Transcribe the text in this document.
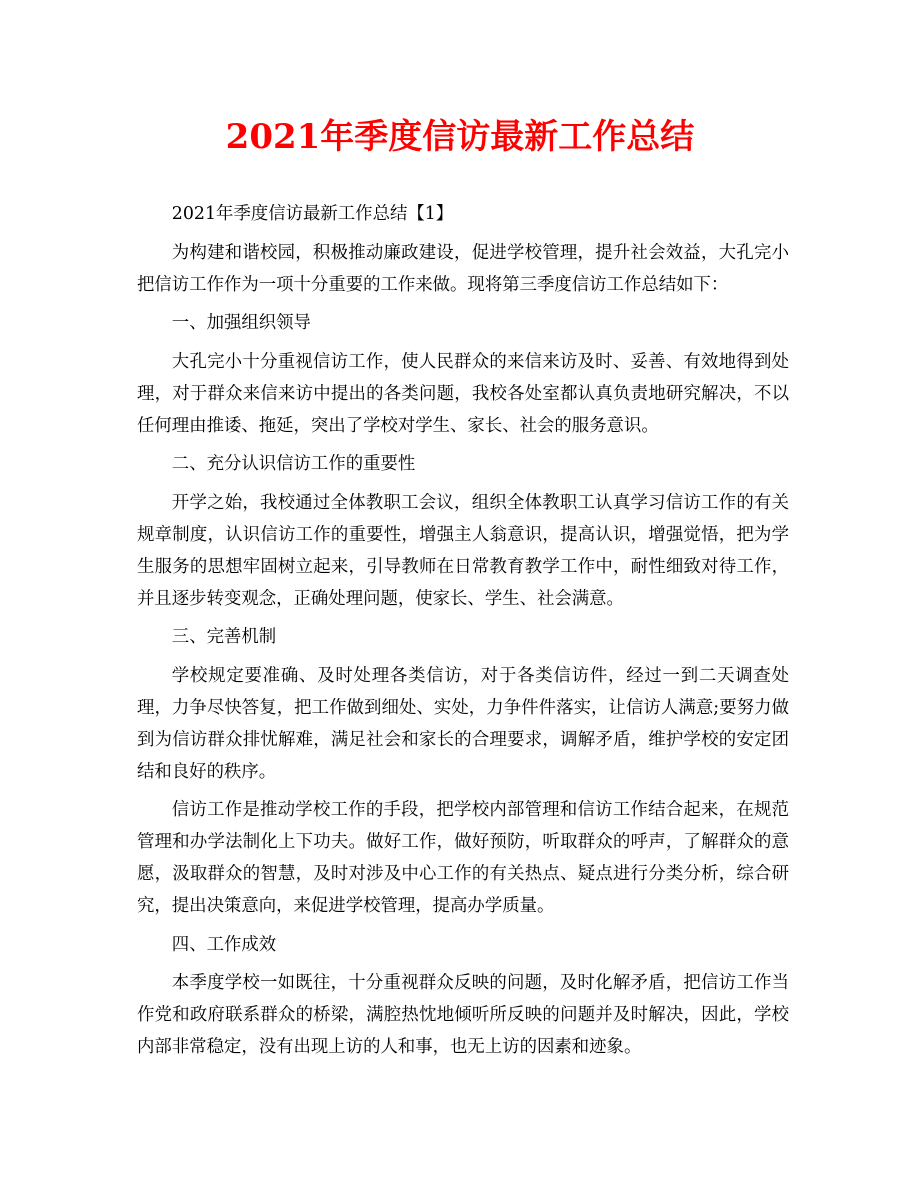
2021年季度信访最新工作总结

2021年季度信访最新工作总结【1】

为构建和谐校园，积极推动廉政建设，促进学校管理，提升社会效益，大孔完小把信访工作作为一项十分重要的工作来做。现将第三季度信访工作总结如下：

一、加强组织领导

大孔完小十分重视信访工作，使人民群众的来信来访及时、妥善、有效地得到处理，对于群众来信来访中提出的各类问题，我校各处室都认真负责地研究解决，不以任何理由推诿、拖延，突出了学校对学生、家长、社会的服务意识。

二、充分认识信访工作的重要性

开学之始，我校通过全体教职工会议，组织全体教职工认真学习信访工作的有关规章制度，认识信访工作的重要性，增强主人翁意识，提高认识，增强觉悟，把为学生服务的思想牢固树立起来，引导教师在日常教育教学工作中，耐性细致对待工作，并且逐步转变观念，正确处理问题，使家长、学生、社会满意。

三、完善机制

学校规定要准确、及时处理各类信访，对于各类信访件，经过一到二天调查处理，力争尽快答复，把工作做到细处、实处，力争件件落实，让信访人满意;要努力做到为信访群众排忧解难，满足社会和家长的合理要求，调解矛盾，维护学校的安定团结和良好的秩序。

信访工作是推动学校工作的手段，把学校内部管理和信访工作结合起来，在规范管理和办学法制化上下功夫。做好工作，做好预防，听取群众的呼声，了解群众的意愿，汲取群众的智慧，及时对涉及中心工作的有关热点、疑点进行分类分析，综合研究，提出决策意向，来促进学校管理，提高办学质量。

四、工作成效

本季度学校一如既往，十分重视群众反映的问题，及时化解矛盾，把信访工作当作党和政府联系群众的桥梁，满腔热忱地倾听所反映的问题并及时解决，因此，学校内部非常稳定，没有出现上访的人和事，也无上访的因素和迹象。
